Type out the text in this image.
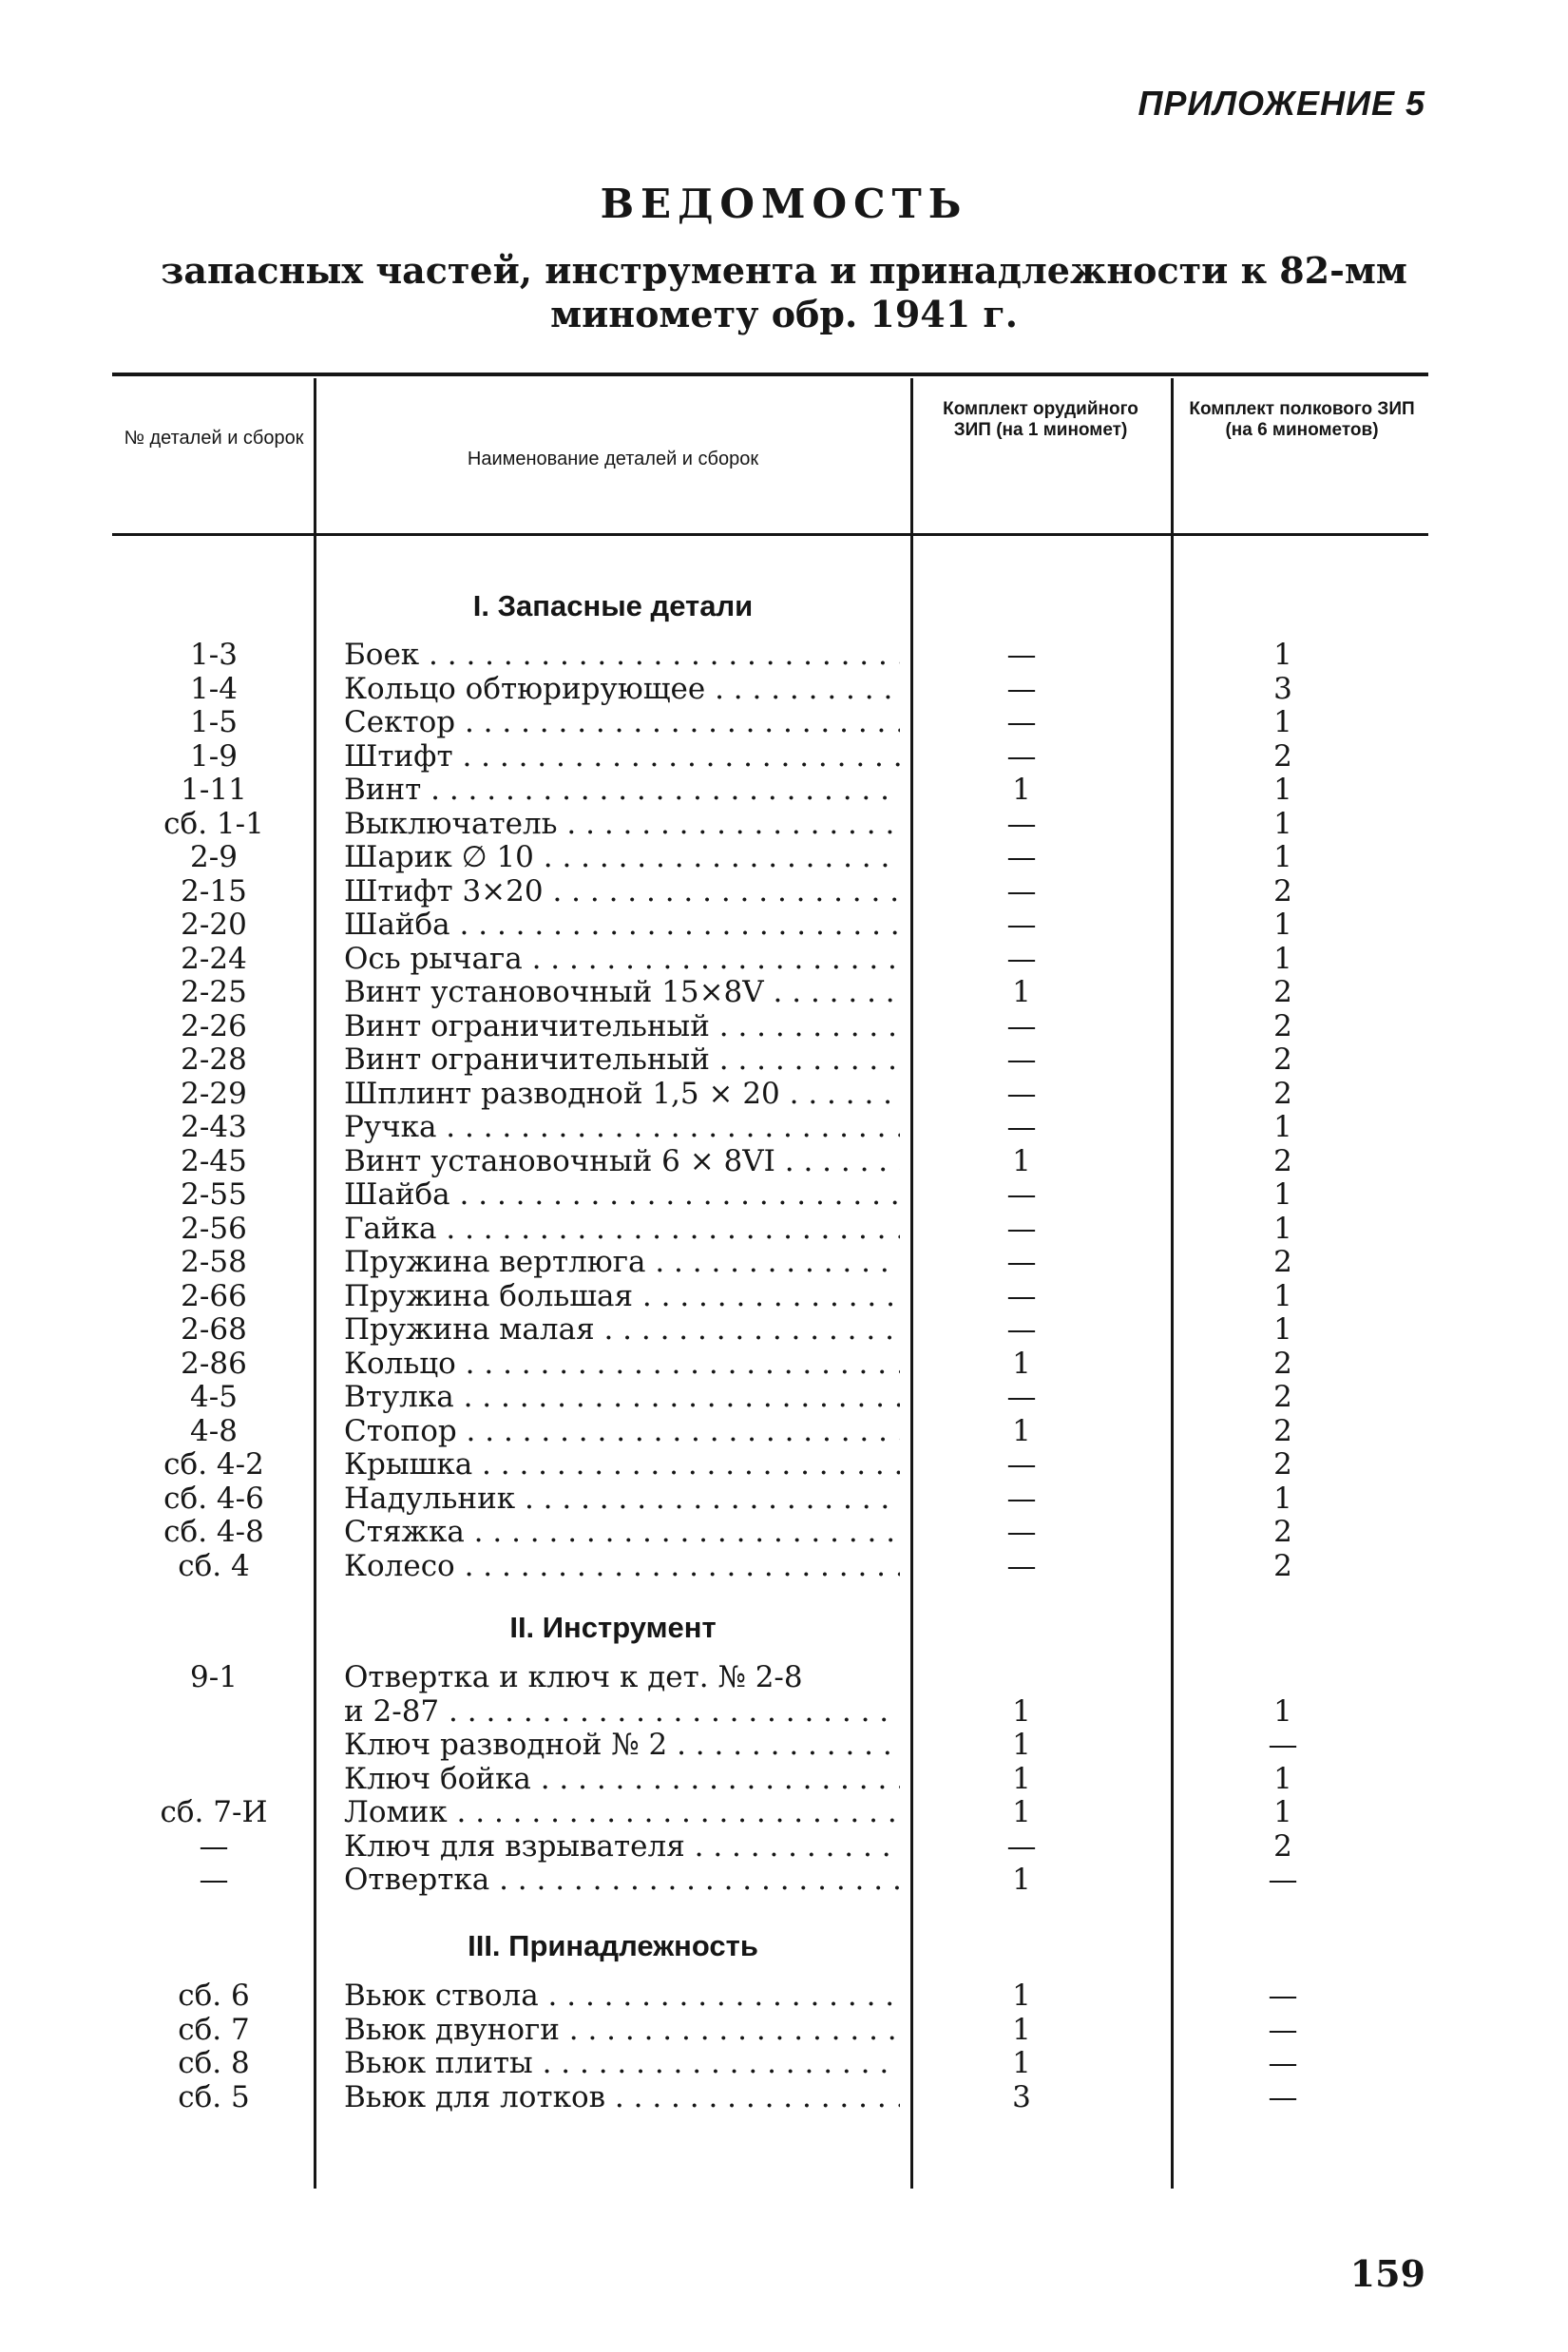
ПРИЛОЖЕНИЕ 5
ВЕДОМОСТЬ
запасных частей, инструмента и принадлежности к 82-мм
миномету обр. 1941 г.
№ деталей и сборок
Наименование деталей и сборок
Комплект орудийного ЗИП (на 1 миномет)
Комплект полкового ЗИП (на 6 минометов)
I. Запасные детали
II. Инструмент
III. Принадлежность
1-3	Боек . . .	—	1
1-4	Кольцо обтюрирующее . . .	—	3
1-5	Сектор . . .	—	1
1-9	Штифт . . .	—	2
1-11	Винт . . .	1	1
сб. 1-1	Выключатель . . .	—	1
2-9	Шарик ∅ 10 . . .	—	1
2-15	Штифт 3×20 . . .	—	2
2-20	Шайба . . .	—	1
2-24	Ось рычага . . .	—	1
2-25	Винт установочный 15×8V . . .	1	2
2-26	Винт ограничительный . . .	—	2
2-28	Винт ограничительный . . .	—	2
2-29	Шплинт разводной 1,5 × 20 . . .	—	2
2-43	Ручка . . .	—	1
2-45	Винт установочный 6 × 8VI . . .	1	2
2-55	Шайба . . .	—	1
2-56	Гайка . . .	—	1
2-58	Пружина вертлюга . . .	—	2
2-66	Пружина большая . . .	—	1
2-68	Пружина малая . . .	—	1
2-86	Кольцо . . .	1	2
4-5	Втулка . . .	—	2
4-8	Стопор . . .	1	2
сб. 4-2	Крышка . . .	—	2
сб. 4-6	Надульник . . .	—	1
сб. 4-8	Стяжка . . .	—	2
сб. 4	Колесо . . .	—	2
9-1	Отвертка и ключ к дет. № 2-8
и 2-87 . . .	1	1
Ключ разводной № 2 . . .	1	—
Ключ бойка . . .	1	1
сб. 7-И	Ломик . . .	1	1
—	Ключ для взрывателя . . .	—	2
—	Отвертка . . .	1	—
сб. 6	Вьюк ствола . . .	1	—
сб. 7	Вьюк двуноги . . .	1	—
сб. 8	Вьюк плиты . . .	1	—
сб. 5	Вьюк для лотков . . .	3	—
159
